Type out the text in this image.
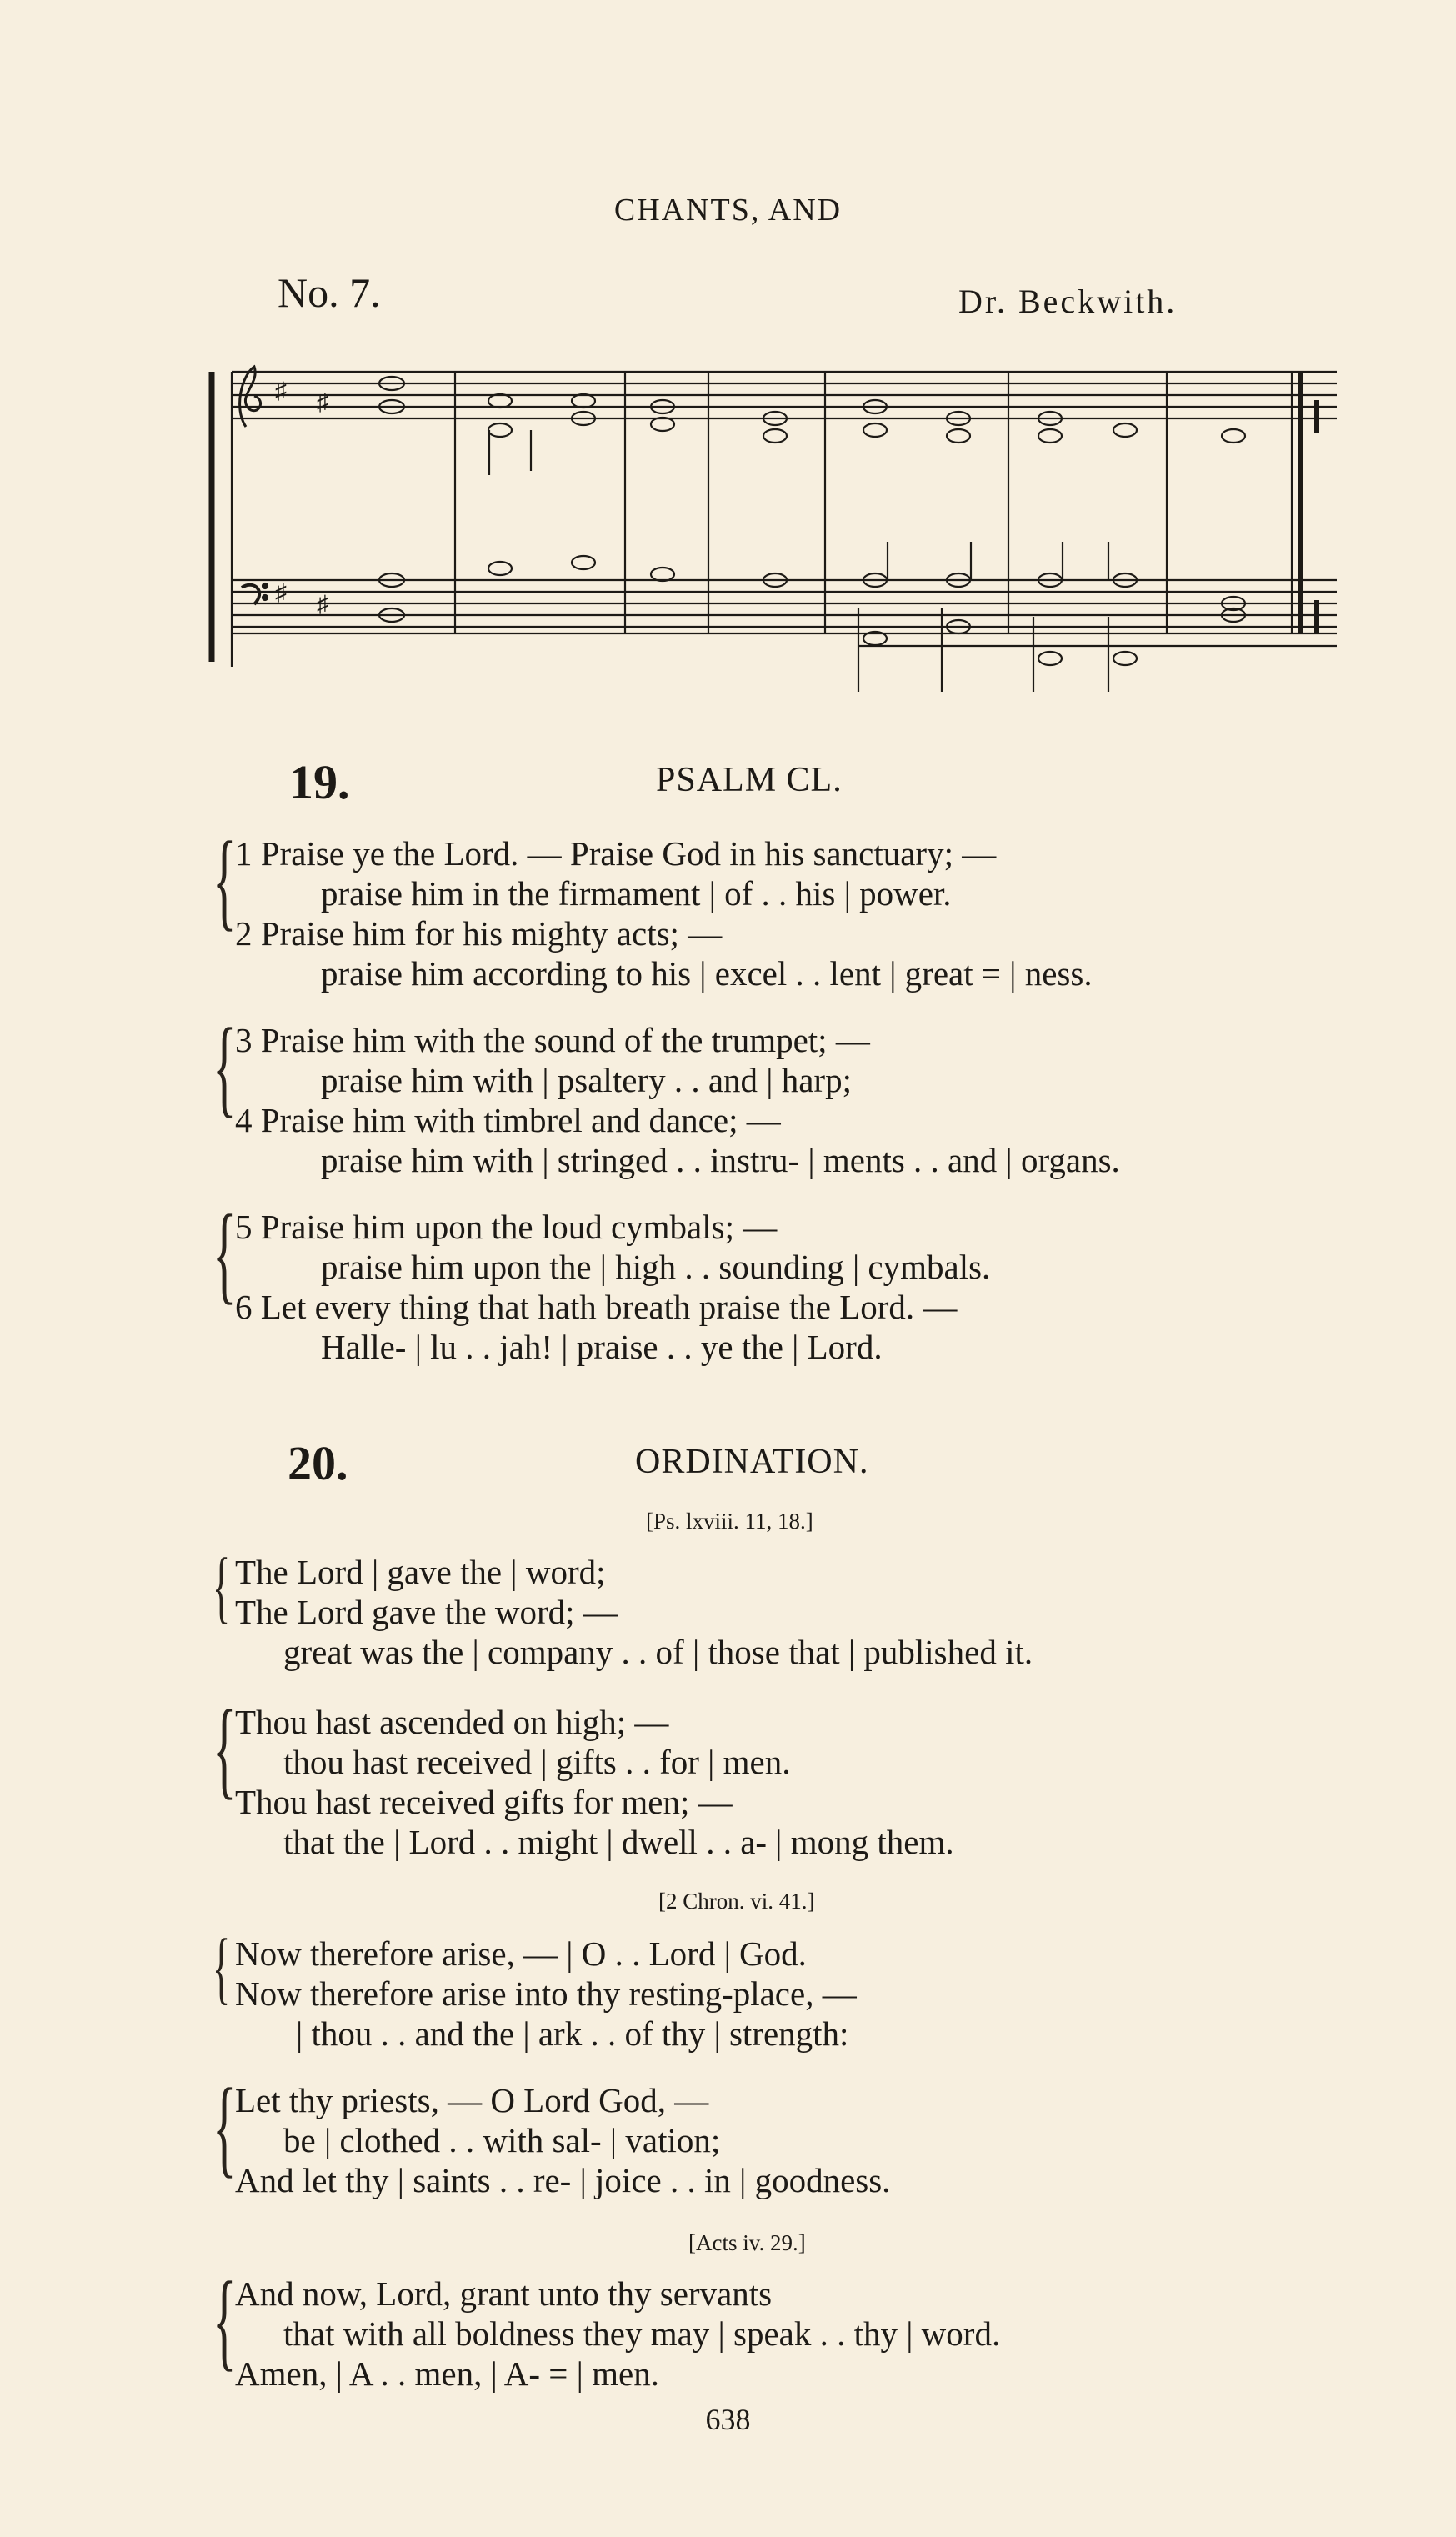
CHANTS, AND
No. 7.	Dr. Beckwith.
♯ ♯
♯ ♯
19.	PSALM CL.
{
1 Praise ye the Lord. — Praise God in his sanctuary; —
praise him in the firmament | of . . his | power.
2 Praise him for his mighty acts; —
praise him according to his | excel . . lent | great = | ness.
{
3 Praise him with the sound of the trumpet; —
praise him with | psaltery . . and | harp;
4 Praise him with timbrel and dance; —
praise him with | stringed . . instru- | ments . . and | organs.
{
5 Praise him upon the loud cymbals; —
praise him upon the | high . . sounding | cymbals.
6 Let every thing that hath breath praise the Lord. —
Halle- | lu . . jah! | praise . . ye the | Lord.
20.	ORDINATION.
[Ps. lxviii. 11, 18.]
{ The Lord | gave the | word;
The Lord gave the word; —
great was the | company . . of | those that | published it.
{
Thou hast ascended on high; —
thou hast received | gifts . . for | men.
Thou hast received gifts for men; —
that the | Lord . . might | dwell . . a- | mong them.
[2 Chron. vi. 41.]
{ Now therefore arise, — | O . . Lord | God.
Now therefore arise into thy resting-place, —
| thou . . and the | ark . . of thy | strength:
{
Let thy priests, — O Lord God, —
be | clothed . . with sal- | vation;
And let thy | saints . . re- | joice . . in | goodness.
[Acts iv. 29.]
{
And now, Lord, grant unto thy servants
that with all boldness they may | speak . . thy | word.
Amen, | A . . men, | A- = | men.
638
